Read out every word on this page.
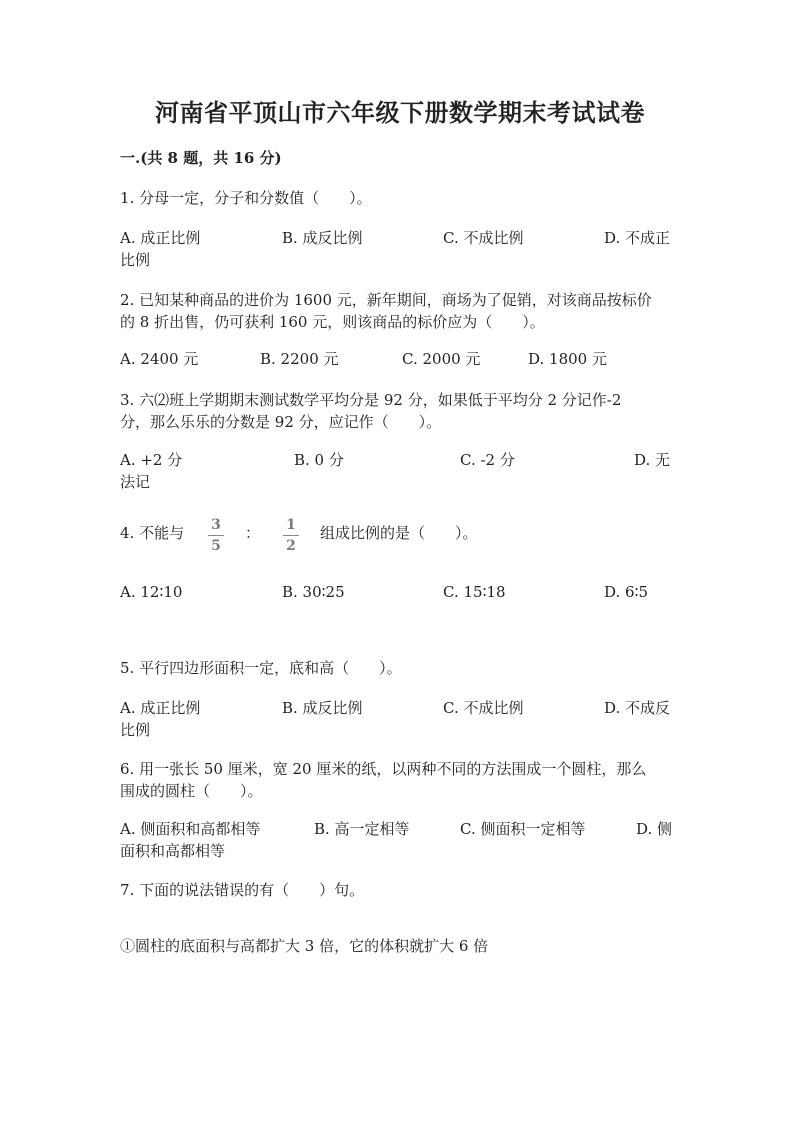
河南省平顶山市六年级下册数学期末考试试卷
一.(共 8 题，共 16 分)
1. 分母一定，分子和分数值（　　）。
A. 成正比例	B. 成反比例	C. 不成比例	D. 不成正
比例
2. 已知某种商品的进价为 1600 元，新年期间，商场为了促销，对该商品按标价
的 8 折出售，仍可获利 160 元，则该商品的标价应为（　　）。
A. 2400 元	B. 2200 元	C. 2000 元	D. 1800 元
3. 六⑵班上学期期末测试数学平均分是 92 分，如果低于平均分 2 分记作-2
分，那么乐乐的分数是 92 分，应记作（　　）。
A. +2 分	B. 0 分	C. -2 分	D. 无
法记
4. 不能与	3
5
：	1
2
组成比例的是（　　）。
A. 12∶10	B. 30∶25	C. 15∶18	D. 6∶5
5. 平行四边形面积一定，底和高（　　）。
A. 成正比例	B. 成反比例	C. 不成比例	D. 不成反
比例
6. 用一张长 50 厘米，宽 20 厘米的纸，以两种不同的方法围成一个圆柱，那么
围成的圆柱（　　）。
A. 侧面积和高都相等	B. 高一定相等	C. 侧面积一定相等	D. 侧
面积和高都相等
7. 下面的说法错误的有（　　）句。
①圆柱的底面积与高都扩大 3 倍，它的体积就扩大 6 倍
